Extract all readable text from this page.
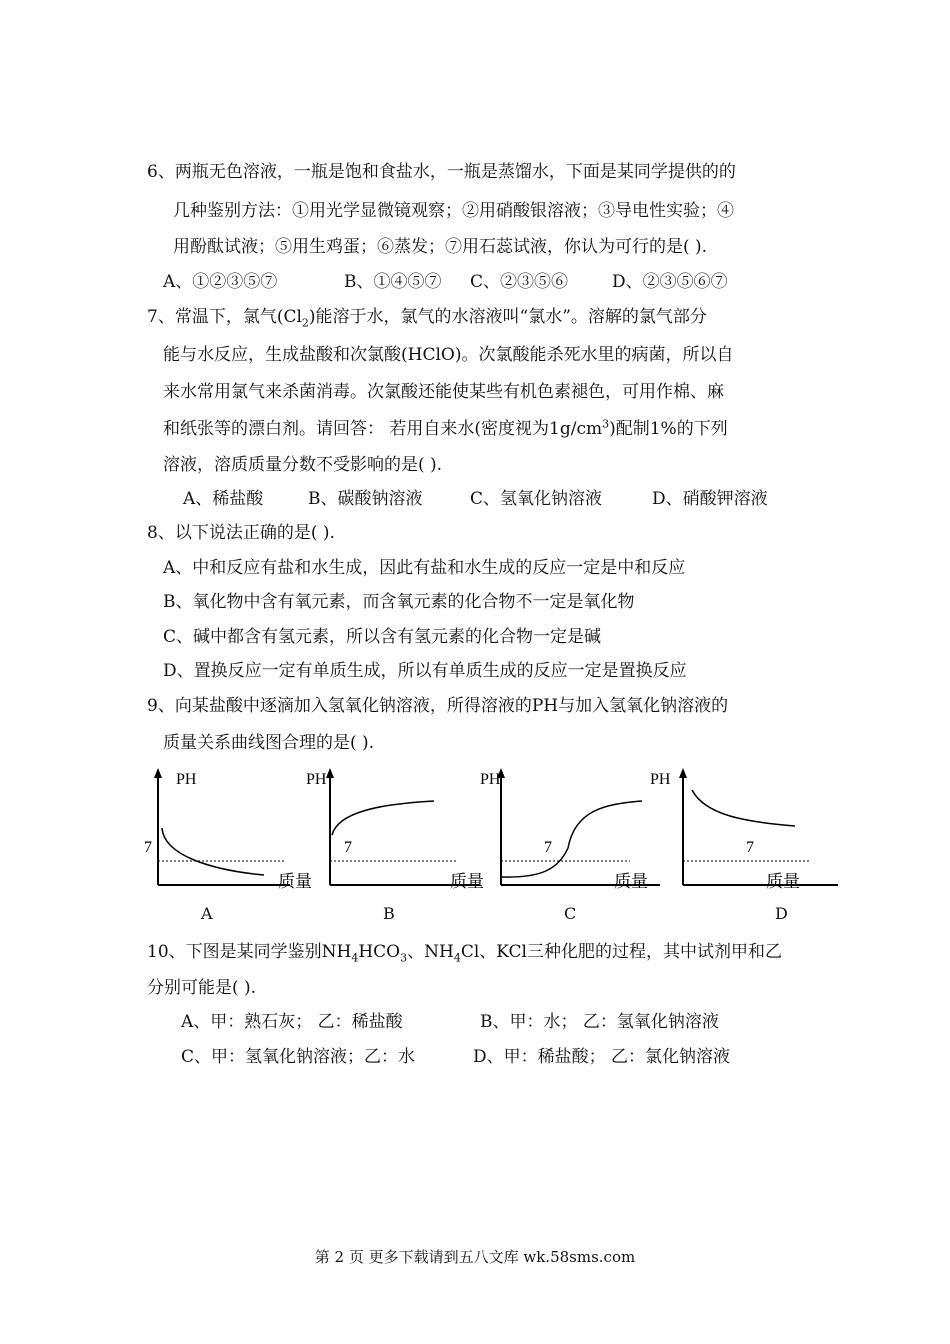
6、两瓶无色溶液，一瓶是饱和食盐水，一瓶是蒸馏水，下面是某同学提供的的
几种鉴别方法：①用光学显微镜观察；②用硝酸银溶液；③导电性实验；④
用酚酞试液；⑤用生鸡蛋；⑥蒸发；⑦用石蕊试液，你认为可行的是( ).
A、①②③⑤⑦	B、①④⑤⑦ C、②③⑤⑥	D、②③⑤⑥⑦
7、常温下，氯气$(Cl_2)$能溶于水，氯气的水溶液叫“氯水”。溶解的氯气部分
能与水反应，生成盐酸和次氯酸(HClO)。次氯酸能杀死水里的病菌，所以自
来水常用氯气来杀菌消毒。次氯酸还能使某些有机色素褪色，可用作棉、麻
和纸张等的漂白剂。请回答： 若用自来水(密度视为$1g/cm^3$)配制1%的下列
溶液，溶质质量分数不受影响的是( ).
A、稀盐酸	B、碳酸钠溶液	C、氢氧化钠溶液	D、硝酸钾溶液
8、以下说法正确的是( ).
A、中和反应有盐和水生成，因此有盐和水生成的反应一定是中和反应
B、氧化物中含有氧元素，而含氧元素的化合物不一定是氧化物
C、碱中都含有氢元素，所以含有氢元素的化合物一定是碱
D、置换反应一定有单质生成，所以有单质生成的反应一定是置换反应
9、向某盐酸中逐滴加入氢氧化钠溶液，所得溶液的PH与加入氢氧化钠溶液的
质量关系曲线图合理的是( ).
PH
7
质量
A
PH
7
质量
B
PH
7
质量
C
PH
7
质量
D
10、下图是某同学鉴别$NH_4HCO_3$、$NH_4Cl$、KCl三种化肥的过程，其中试剂甲和乙
分别可能是( ).
A、甲：熟石灰； 乙：稀盐酸	B、甲：水； 乙：氢氧化钠溶液
C、甲：氢氧化钠溶液；乙：水	D、甲：稀盐酸； 乙：氯化钠溶液
第 2 页 更多下载请到五八文库 wk.58sms.com
